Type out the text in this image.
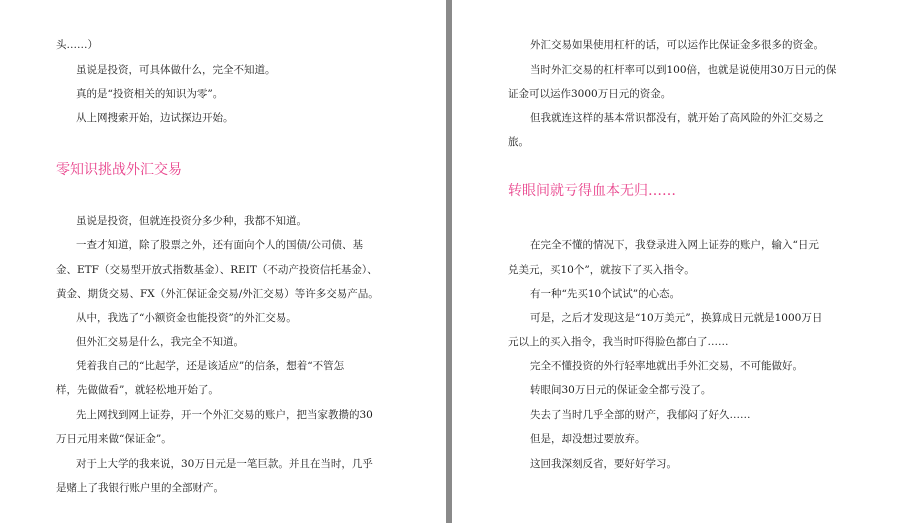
头……）
虽说是投资，可具体做什么，完全不知道。
真的是“投资相关的知识为零”。
从上网搜索开始，边试探边开始。
零知识挑战外汇交易
虽说是投资，但就连投资分多少种，我都不知道。
一查才知道，除了股票之外，还有面向个人的国债/公司债、基
金、ETF（交易型开放式指数基金）、REIT（不动产投资信托基金）、
黄金、期货交易、FX（外汇保证金交易/外汇交易）等许多交易产品。
从中，我选了“小额资金也能投资”的外汇交易。
但外汇交易是什么，我完全不知道。
凭着我自己的“比起学，还是该适应”的信条，想着“不管怎
样，先做做看”，就轻松地开始了。
先上网找到网上证券，开一个外汇交易的账户，把当家教攒的30
万日元用来做“保证金”。
对于上大学的我来说，30万日元是一笔巨款。并且在当时，几乎
是赌上了我银行账户里的全部财产。
外汇交易如果使用杠杆的话，可以运作比保证金多很多的资金。
当时外汇交易的杠杆率可以到100倍，也就是说使用30万日元的保
证金可以运作3000万日元的资金。
但我就连这样的基本常识都没有，就开始了高风险的外汇交易之
旅。
转眼间就亏得血本无归……
在完全不懂的情况下，我登录进入网上证券的账户，输入“日元
兑美元，买10个”，就按下了买入指令。
有一种“先买10个试试”的心态。
可是，之后才发现这是“10万美元”，换算成日元就是1000万日
元以上的买入指令，我当时吓得脸色都白了……
完全不懂投资的外行轻率地就出手外汇交易，不可能做好。
转眼间30万日元的保证金全都亏没了。
失去了当时几乎全部的财产，我郁闷了好久……
但是，却没想过要放弃。
这回我深刻反省，要好好学习。
